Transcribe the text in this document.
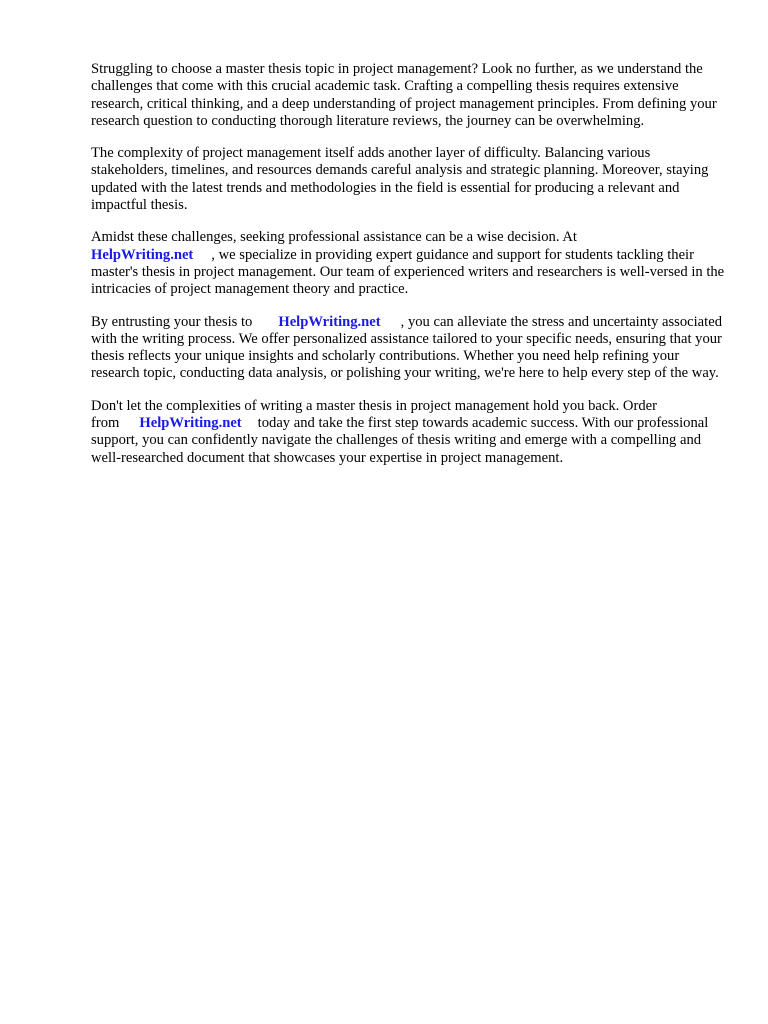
Struggling to choose a master thesis topic in project management? Look no further, as we understand the challenges that come with this crucial academic task. Crafting a compelling thesis requires extensive research, critical thinking, and a deep understanding of project management principles. From defining your research question to conducting thorough literature reviews, the journey can be overwhelming.

The complexity of project management itself adds another layer of difficulty. Balancing various stakeholders, timelines, and resources demands careful analysis and strategic planning. Moreover, staying updated with the latest trends and methodologies in the field is essential for producing a relevant and impactful thesis.

Amidst these challenges, seeking professional assistance can be a wise decision. At
HelpWriting.net , we specialize in providing expert guidance and support for students tackling their master's thesis in project management. Our team of experienced writers and researchers is well-versed in the intricacies of project management theory and practice.

By entrusting your thesis to HelpWriting.net , you can alleviate the stress and uncertainty associated with the writing process. We offer personalized assistance tailored to your specific needs, ensuring that your thesis reflects your unique insights and scholarly contributions. Whether you need help refining your research topic, conducting data analysis, or polishing your writing, we're here to help every step of the way.

Don't let the complexities of writing a master thesis in project management hold you back. Order from HelpWriting.net today and take the first step towards academic success. With our professional support, you can confidently navigate the challenges of thesis writing and emerge with a compelling and well-researched document that showcases your expertise in project management.
